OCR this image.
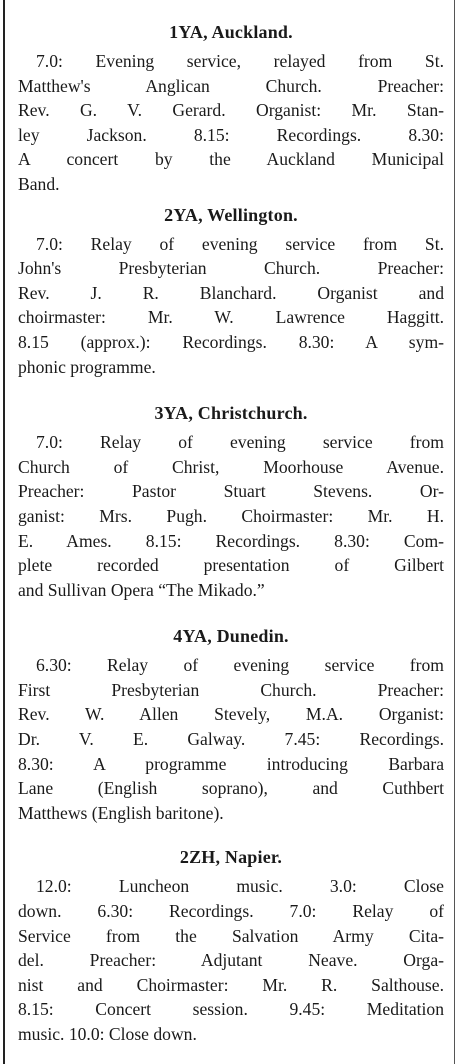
1YA, Auckland.
7.0: Evening service, relayed from St.
Matthew's Anglican Church. Preacher:
Rev. G. V. Gerard. Organist: Mr. Stan-
ley Jackson. 8.15: Recordings. 8.30:
A concert by the Auckland Municipal
Band.
2YA, Wellington.
7.0: Relay of evening service from St.
John's Presbyterian Church. Preacher:
Rev. J. R. Blanchard. Organist and
choirmaster: Mr. W. Lawrence Haggitt.
8.15 (approx.): Recordings. 8.30: A sym-
phonic programme.
3YA, Christchurch.
7.0: Relay of evening service from
Church of Christ, Moorhouse Avenue.
Preacher: Pastor Stuart Stevens. Or-
ganist: Mrs. Pugh. Choirmaster: Mr. H.
E. Ames. 8.15: Recordings. 8.30: Com-
plete recorded presentation of Gilbert
and Sullivan Opera “The Mikado.”
4YA, Dunedin.
6.30: Relay of evening service from
First Presbyterian Church. Preacher:
Rev. W. Allen Stevely, M.A. Organist:
Dr. V. E. Galway. 7.45: Recordings.
8.30: A programme introducing Barbara
Lane (English soprano), and Cuthbert
Matthews (English baritone).
2ZH, Napier.
12.0: Luncheon music. 3.0: Close
down. 6.30: Recordings. 7.0: Relay of
Service from the Salvation Army Cita-
del. Preacher: Adjutant Neave. Orga-
nist and Choirmaster: Mr. R. Salthouse.
8.15: Concert session. 9.45: Meditation
music. 10.0: Close down.
